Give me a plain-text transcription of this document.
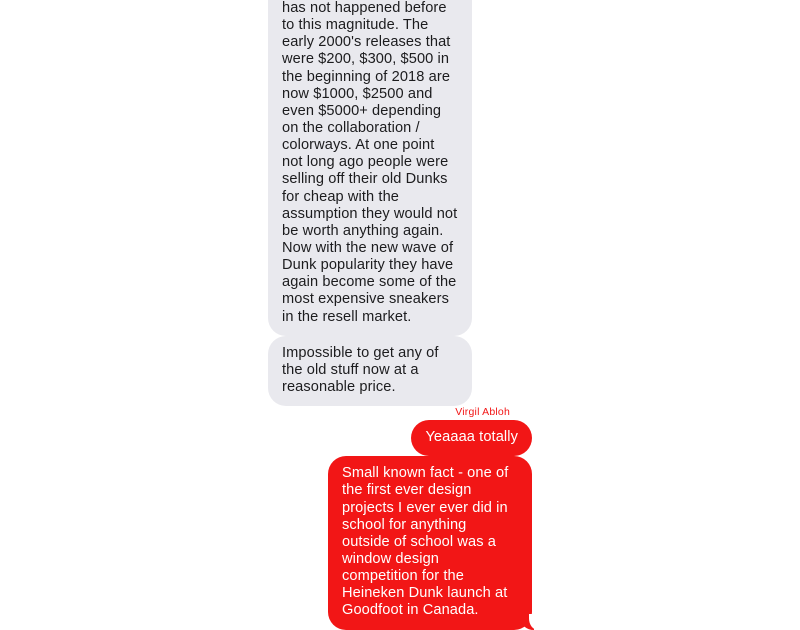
has not happened before to this magnitude. The early 2000's releases that were $200, $300, $500 in the beginning of 2018 are now $1000, $2500 and even $5000+ depending on the collaboration / colorways. At one point not long ago people were selling off their old Dunks for cheap with the assumption they would not be worth anything again. Now with the new wave of Dunk popularity they have again become some of the most expensive sneakers in the resell market.
Impossible to get any of the old stuff now at a reasonable price.
Virgil Abloh
Yeaaaa totally
Small known fact - one of the first ever design projects I ever ever did in school for anything outside of school was a window design competition for the Heineken Dunk launch at Goodfoot in Canada.
